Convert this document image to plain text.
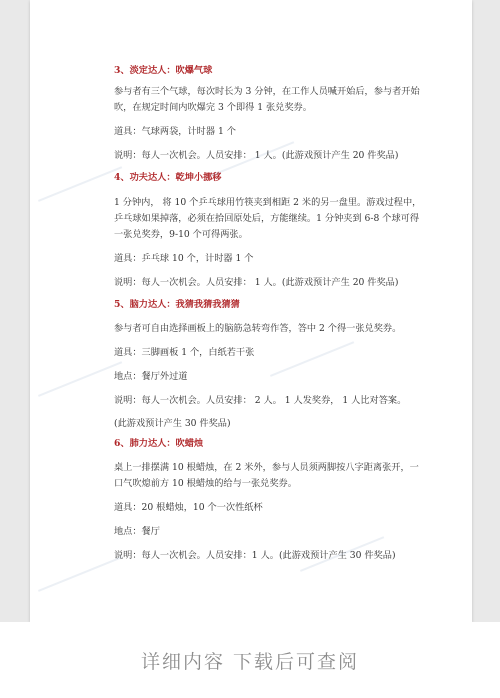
3、淡定达人：吹爆气球
参与者有三个气球，每次时长为 3 分钟，在工作人员喊开始后，参与者开始
吹，在规定时间内吹爆完 3 个即得 1 张兑奖券。
道具：气球两袋，计时器 1 个
说明：每人一次机会。人员安排： 1 人。(此游戏预计产生 20 件奖品)
4、功夫达人：乾坤小挪移
1 分钟内， 将 10 个乒乓球用竹筷夹到相距 2 米的另一盘里。游戏过程中，
乒乓球如果掉落，必须在拾回原处后，方能继续。1 分钟夹到 6-8 个球可得
一张兑奖券，9-10 个可得两张。
道具：乒乓球 10 个，计时器 1 个
说明：每人一次机会。人员安排： 1 人。(此游戏预计产生 20 件奖品)
5、脑力达人：我猜我猜我猜猜
参与者可自由选择画板上的脑筋急转弯作答，答中 2 个得一张兑奖券。
道具：三脚画板 1 个，白纸若干张
地点：餐厅外过道
说明：每人一次机会。人员安排： 2 人。 1 人发奖券， 1 人比对答案。
(此游戏预计产生 30 件奖品)
6、肺力达人：吹蜡烛
桌上一排摆满 10 根蜡烛，在 2 米外，参与人员须两脚按八字距离张开，一
口气吹熄前方 10 根蜡烛的给与一张兑奖券。
道具：20 根蜡烛，10 个一次性纸杯
地点：餐厅
说明：每人一次机会。人员安排：1 人。(此游戏预计产生 30 件奖品)
详细内容 下载后可查阅
